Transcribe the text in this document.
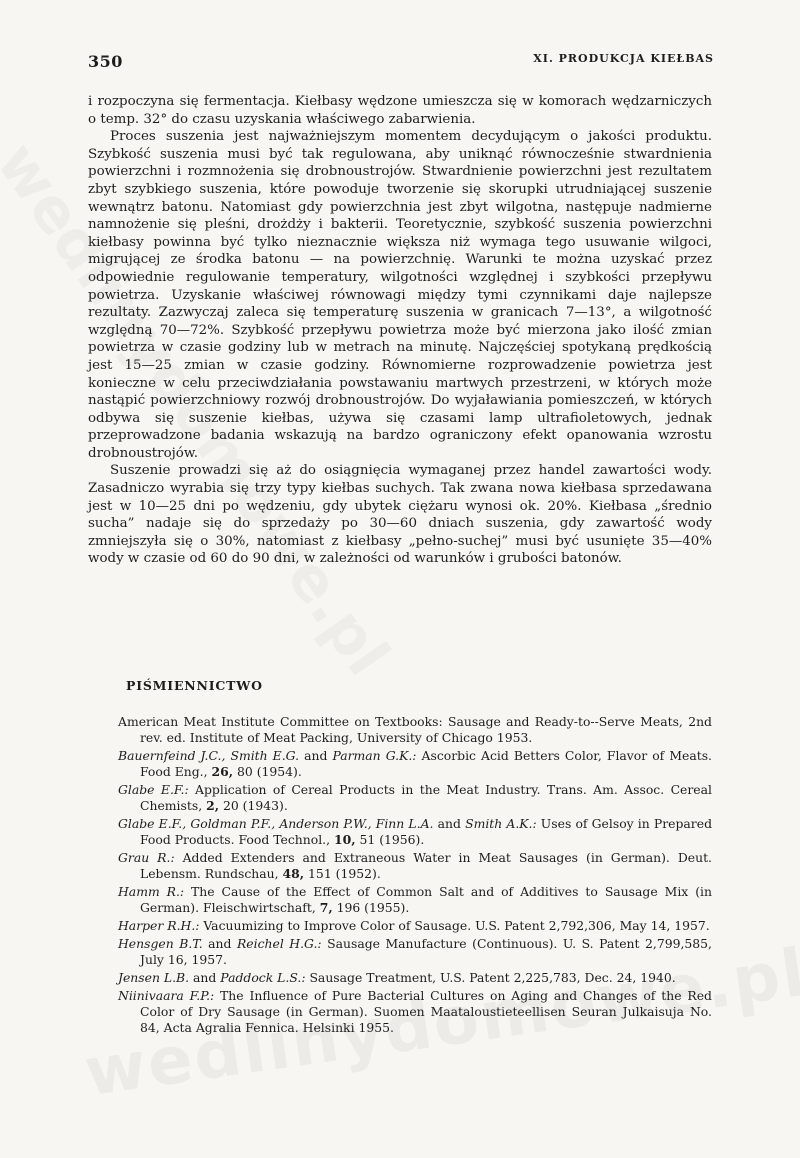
350	XI. PRODUKCJA KIEŁBAS

i rozpoczyna się fermentacja. Kiełbasy wędzone umieszcza się w komorach wędzarniczych o temp. 32° do czasu uzyskania właściwego zabarwienia.

Proces suszenia jest najważniejszym momentem decydującym o jakości produktu. Szybkość suszenia musi być tak regulowana, aby uniknąć równocześnie stwardnienia powierzchni i rozmnożenia się drobnoustrojów. Stwardnienie powierzchni jest rezultatem zbyt szybkiego suszenia, które powoduje tworzenie się skorupki utrudniającej suszenie wewnątrz batonu. Natomiast gdy powierzchnia jest zbyt wilgotna, następuje nadmierne namnożenie się pleśni, drożdży i bakterii. Teoretycznie, szybkość suszenia powierzchni kiełbasy powinna być tylko nieznacznie większa niż wymaga tego usuwanie wilgoci, migrującej ze środka batonu — na powierzchnię. Warunki te można uzyskać przez odpowiednie regulowanie temperatury, wilgotności względnej i szybkości przepływu powietrza. Uzyskanie właściwej równowagi między tymi czynnikami daje najlepsze rezultaty. Zazwyczaj zaleca się temperaturę suszenia w granicach 7—13°, a wilgotność względną 70—72%. Szybkość przepływu powietrza może być mierzona jako ilość zmian powietrza w czasie godziny lub w metrach na minutę. Najczęściej spotykaną prędkością jest 15—25 zmian w czasie godziny. Równomierne rozprowadzenie powietrza jest konieczne w celu przeciwdziałania powstawaniu martwych przestrzeni, w których może nastąpić powierzchniowy rozwój drobnoustrojów. Do wyjaławiania pomieszczeń, w których odbywa się suszenie kiełbas, używa się czasami lamp ultrafioletowych, jednak przeprowadzone badania wskazują na bardzo ograniczony efekt opanowania wzrostu drobnoustrojów.

Suszenie prowadzi się aż do osiągnięcia wymaganej przez handel zawartości wody. Zasadniczo wyrabia się trzy typy kiełbas suchych. Tak zwana nowa kiełbasa sprzedawana jest w 10—25 dni po wędzeniu, gdy ubytek ciężaru wynosi ok. 20%. Kiełbasa „średnio sucha” nadaje się do sprzedaży po 30—60 dniach suszenia, gdy zawartość wody zmniejszyła się o 30%, natomiast z kiełbasy „pełno-suchej” musi być usunięte 35—40% wody w czasie od 60 do 90 dni, w zależności od warunków i grubości batonów.

PIŚMIENNICTWO

American Meat Institute Committee on Textbooks: Sausage and Ready-to--Serve Meats, 2nd rev. ed. Institute of Meat Packing, University of Chicago 1953.

Bauernfeind J.C., Smith E.G. and Parman G.K.: Ascorbic Acid Betters Color, Flavor of Meats. Food Eng., 26, 80 (1954).

Glabe E.F.: Application of Cereal Products in the Meat Industry. Trans. Am. Assoc. Cereal Chemists, 2, 20 (1943).

Glabe E.F., Goldman P.F., Anderson P.W., Finn L.A. and Smith A.K.: Uses of Gelsoy in Prepared Food Products. Food Technol., 10, 51 (1956).

Grau R.: Added Extenders and Extraneous Water in Meat Sausages (in German). Deut. Lebensm. Rundschau, 48, 151 (1952).

Hamm R.: The Cause of the Effect of Common Salt and of Additives to Sausage Mix (in German). Fleischwirtschaft, 7, 196 (1955).

Harper R.H.: Vacuumizing to Improve Color of Sausage. U.S. Patent 2,792,306, May 14, 1957.

Hensgen B.T. and Reichel H.G.: Sausage Manufacture (Continuous). U. S. Patent 2,799,585, July 16, 1957.

Jensen L.B. and Paddock L.S.: Sausage Treatment, U.S. Patent 2,225,783, Dec. 24, 1940.

Niinivaara F.P.: The Influence of Pure Bacterial Cultures on Aging and Changes of the Red Color of Dry Sausage (in German). Suomen Maataloustieteellisen Seuran Julkaisuja No. 84, Acta Agralia Fennica. Helsinki 1955.
